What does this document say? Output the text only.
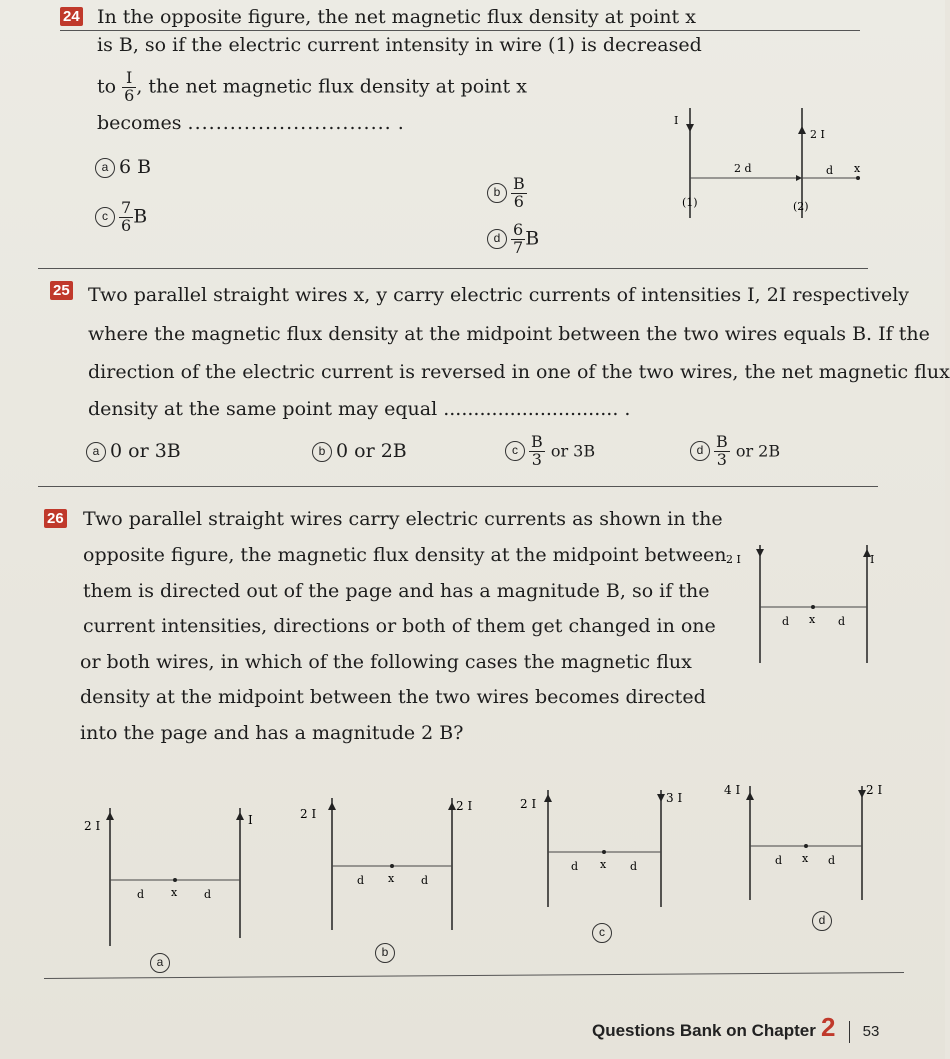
24 In the opposite figure, the net magnetic flux density at point x
is B, so if the electric current intensity in wire (1) is decreased
to $\frac{I}{6}$ , the net magnetic flux density at point x
becomes ............................. .
a 6 B
c $\frac{7}{6}$ B
b $\frac{B}{6}$
d $\frac{6}{7}$ B
I
2 I
2 d	d x
(1)	(2)
25 Two parallel straight wires x, y carry electric currents of intensities I, 2I respectively
where the magnetic flux density at the midpoint between the two wires equals B. If the
direction of the electric current is reversed in one of the two wires, the net magnetic flux
density at the same point may equal ............................. .
a 0 or 3B	b 0 or 2B	c $\frac{B}{3}$ or 3B	d $\frac{B}{3}$ or 2B
26 Two parallel straight wires carry electric currents as shown in the
opposite figure, the magnetic flux density at the midpoint between
them is directed out of the page and has a magnitude B, so if the
current intensities, directions or both of them get changed in one
or both wires, in which of the following cases the magnetic flux
density at the midpoint between the two wires becomes directed
into the page and has a magnitude 2 B?
2 I	I
d x d
2 I	I
d x d
a
2 I
2 I
d x d
b
2 I	3 I
d x d
c
4 I	2 I
d x d
d
Questions Bank on Chapter 2 53
